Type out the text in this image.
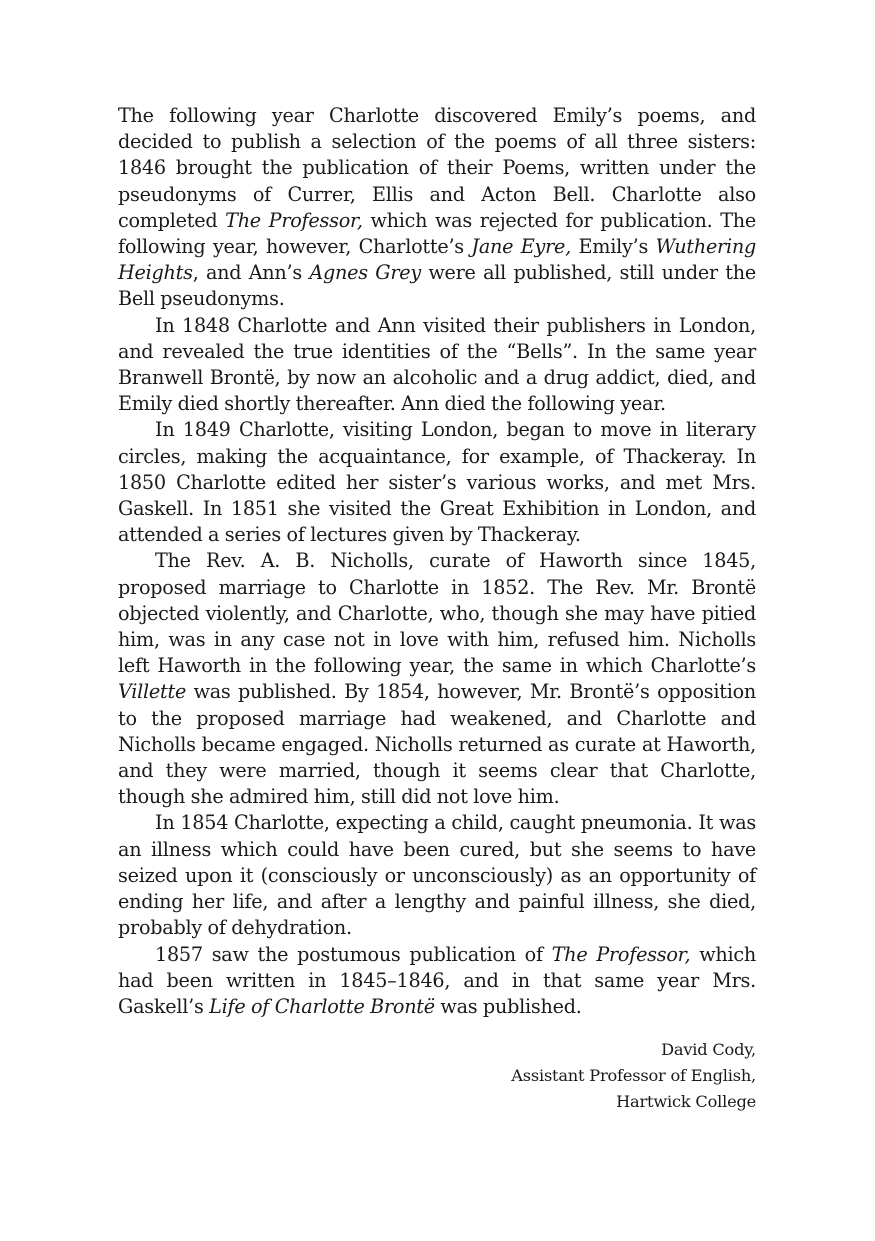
The following year Charlotte discovered Emily’s poems, and decided to publish a selection of the poems of all three sisters: 1846 brought the publication of their Poems, written under the pseudonyms of Currer, Ellis and Acton Bell. Charlotte also completed The Professor, which was rejected for publication. The following year, however, Charlotte’s Jane Eyre, Emily’s Wuthering Heights, and Ann’s Agnes Grey were all published, still under the Bell pseudonyms.

In 1848 Charlotte and Ann visited their publishers in London, and revealed the true identities of the “Bells”. In the same year Branwell Brontë, by now an alcoholic and a drug addict, died, and Emily died shortly thereafter. Ann died the following year.

In 1849 Charlotte, visiting London, began to move in literary circles, making the acquaintance, for example, of Thackeray. In 1850 Charlotte edited her sister’s various works, and met Mrs. Gaskell. In 1851 she visited the Great Exhibition in London, and attended a series of lectures given by Thackeray.

The Rev. A. B. Nicholls, curate of Haworth since 1845, proposed marriage to Charlotte in 1852. The Rev. Mr. Brontë objected violently, and Charlotte, who, though she may have pitied him, was in any case not in love with him, refused him. Nicholls left Haworth in the following year, the same in which Charlotte’s Villette was published. By 1854, however, Mr. Brontë’s opposition to the proposed marriage had weakened, and Charlotte and Nicholls became engaged. Nicholls returned as curate at Haworth, and they were married, though it seems clear that Charlotte, though she admired him, still did not love him.

In 1854 Charlotte, expecting a child, caught pneumonia. It was an illness which could have been cured, but she seems to have seized upon it (consciously or unconsciously) as an opportunity of ending her life, and after a lengthy and painful illness, she died, probably of dehydration.

1857 saw the postumous publication of The Professor, which had been written in 1845–1846, and in that same year Mrs. Gaskell’s Life of Charlotte Brontë was published.

David Cody,
Assistant Professor of English,
Hartwick College
